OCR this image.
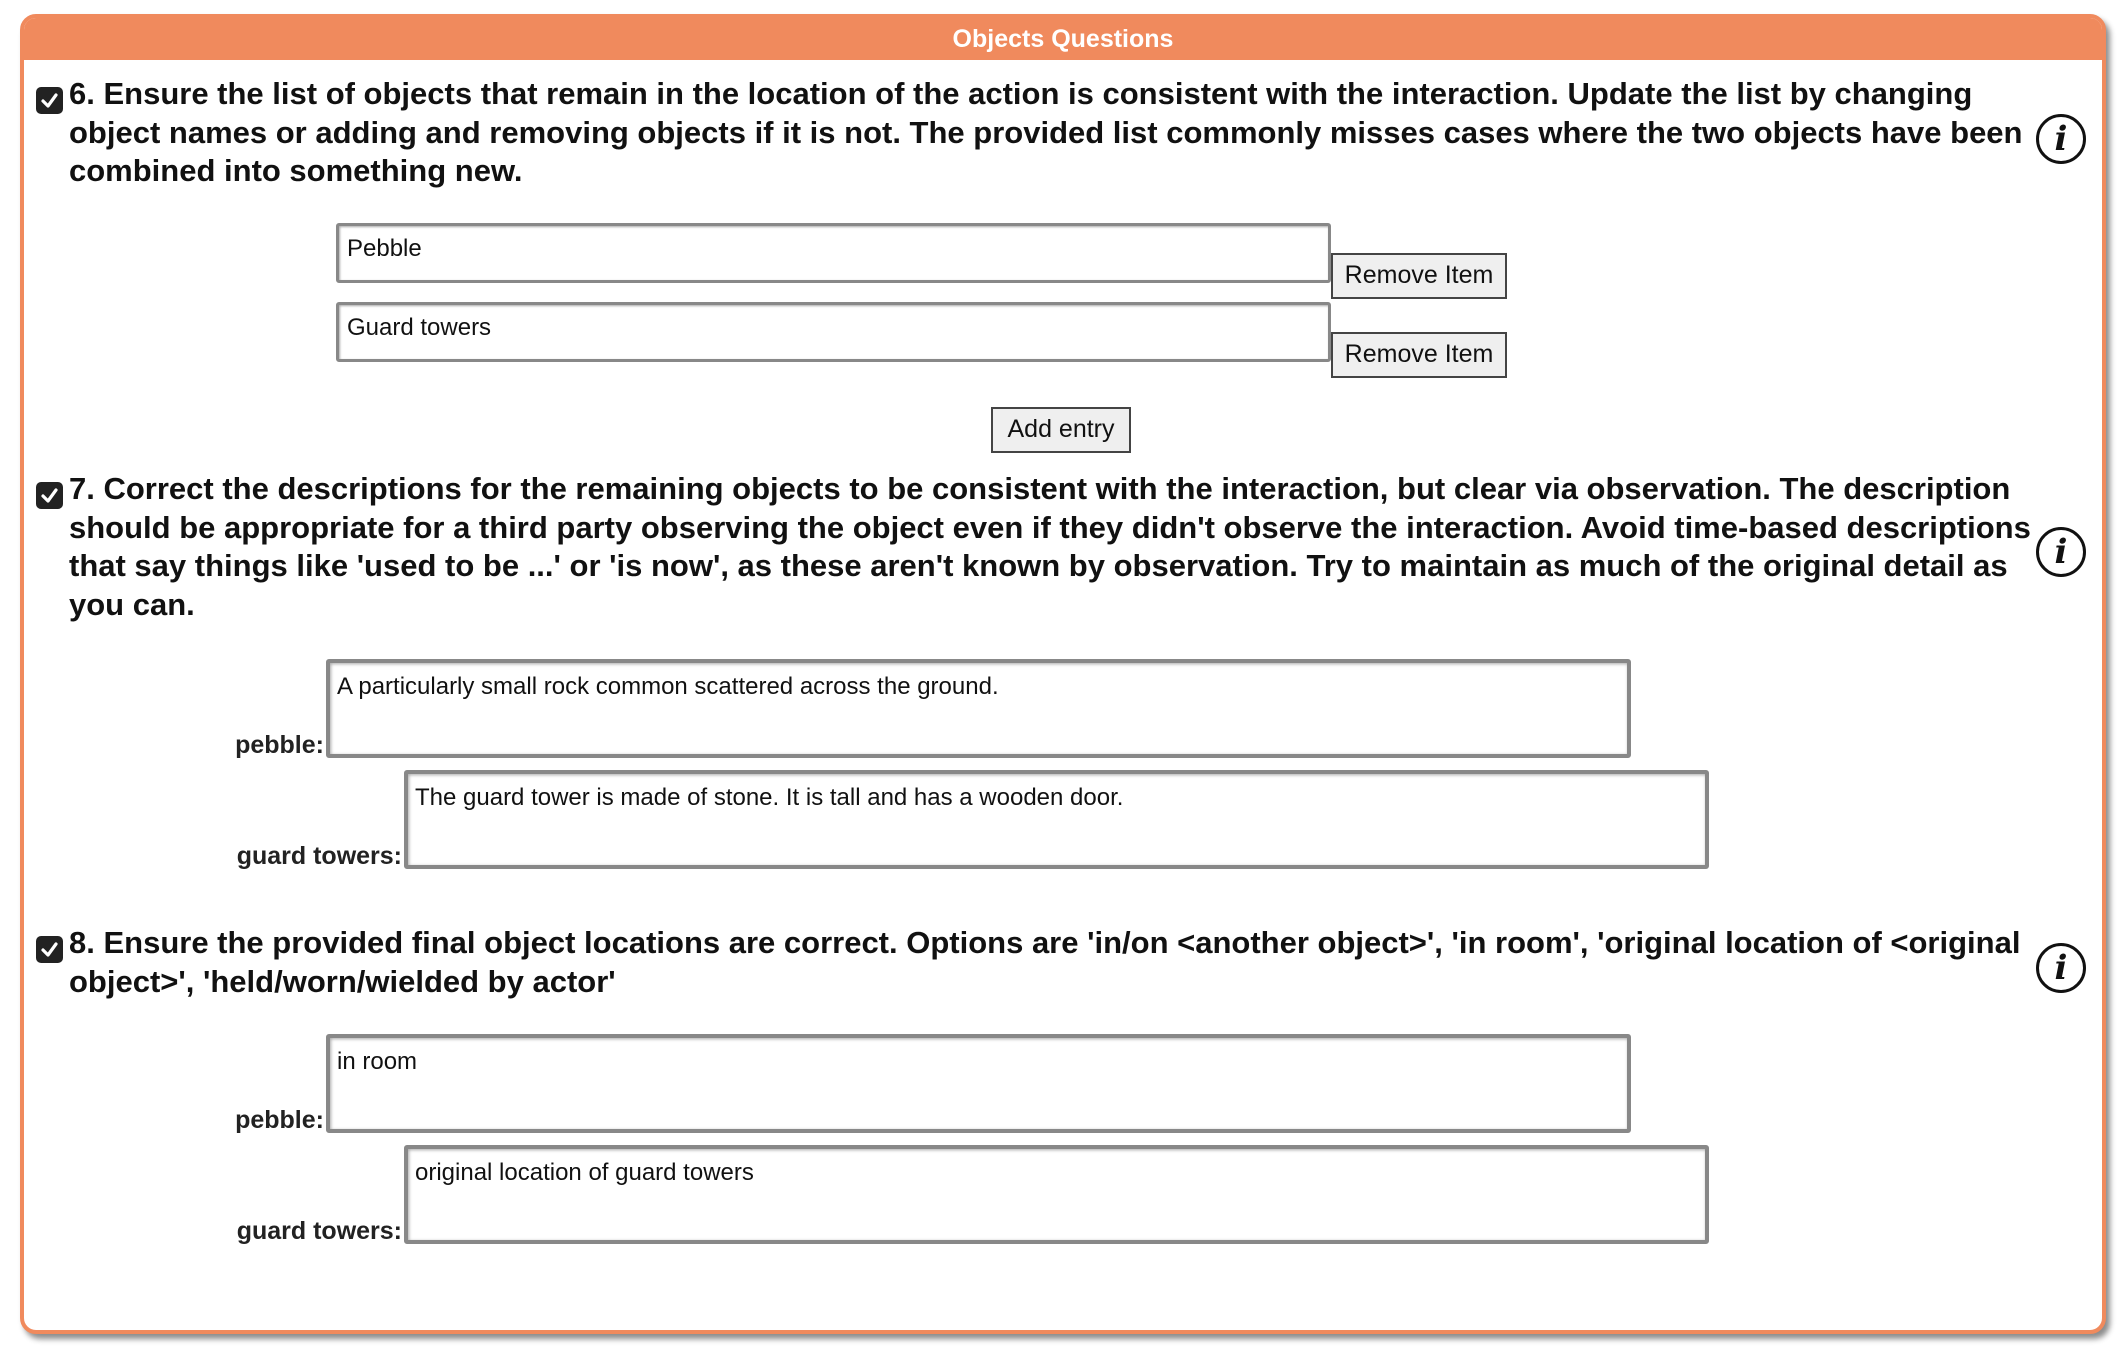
Objects Questions
6. Ensure the list of objects that remain in the location of the action is consistent with the interaction. Update the list by changing object names or adding and removing objects if it is not. The provided list commonly misses cases where the two objects have been combined into something new.
i
Pebble
Remove Item
Guard towers
Remove Item
Add entry
7. Correct the descriptions for the remaining objects to be consistent with the interaction, but clear via observation. The description should be appropriate for a third party observing the object even if they didn't observe the interaction. Avoid time-based descriptions that say things like 'used to be ...' or 'is now', as these aren't known by observation. Try to maintain as much of the original detail as you can.
i
pebble:
A particularly small rock common scattered across the ground.
guard towers:
The guard tower is made of stone. It is tall and has a wooden door.
8. Ensure the provided final object locations are correct. Options are 'in/on <another object>', 'in room', 'original location of <original object>', 'held/worn/wielded by actor'	i
pebble:
in room
guard towers:
original location of guard towers
